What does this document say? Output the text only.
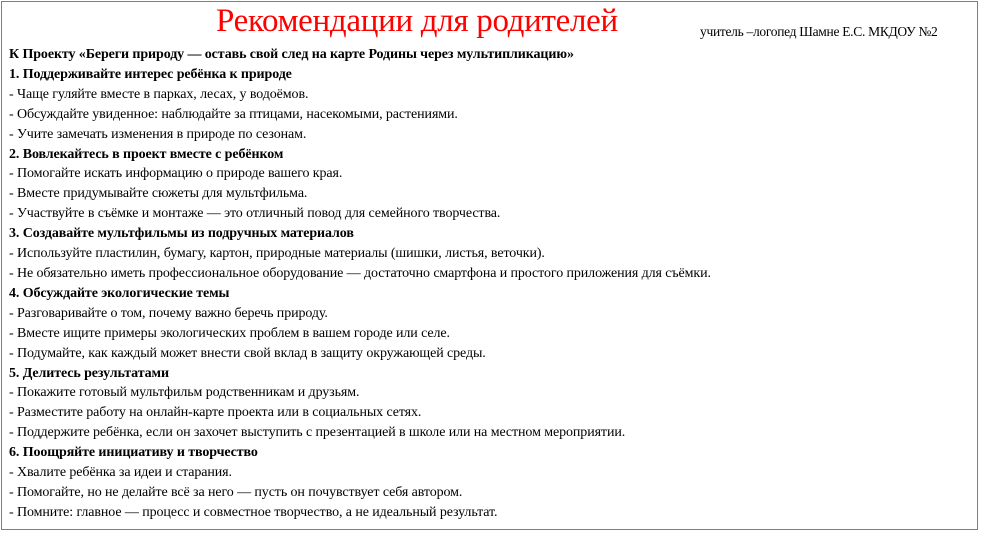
Рекомендации для родителей	учитель –логопед Шамне Е.С. МКДОУ №2
К Проекту «Береги природу — оставь свой след на карте Родины через мультипликацию»
1. Поддерживайте интерес ребёнка к природе
- Чаще гуляйте вместе в парках, лесах, у водоёмов.
- Обсуждайте увиденное: наблюдайте за птицами, насекомыми, растениями.
- Учите замечать изменения в природе по сезонам.
2. Вовлекайтесь в проект вместе с ребёнком
- Помогайте искать информацию о природе вашего края.
- Вместе придумывайте сюжеты для мультфильма.
- Участвуйте в съёмке и монтаже — это отличный повод для семейного творчества.
3. Создавайте мультфильмы из подручных материалов
- Используйте пластилин, бумагу, картон, природные материалы (шишки, листья, веточки).
- Не обязательно иметь профессиональное оборудование — достаточно смартфона и простого приложения для съёмки.
4. Обсуждайте экологические темы
- Разговаривайте о том, почему важно беречь природу.
- Вместе ищите примеры экологических проблем в вашем городе или селе.
- Подумайте, как каждый может внести свой вклад в защиту окружающей среды.
5. Делитесь результатами
- Покажите готовый мультфильм родственникам и друзьям.
- Разместите работу на онлайн-карте проекта или в социальных сетях.
- Поддержите ребёнка, если он захочет выступить с презентацией в школе или на местном мероприятии.
6. Поощряйте инициативу и творчество
- Хвалите ребёнка за идеи и старания.
- Помогайте, но не делайте всё за него — пусть он почувствует себя автором.
- Помните: главное — процесс и совместное творчество, а не идеальный результат.
